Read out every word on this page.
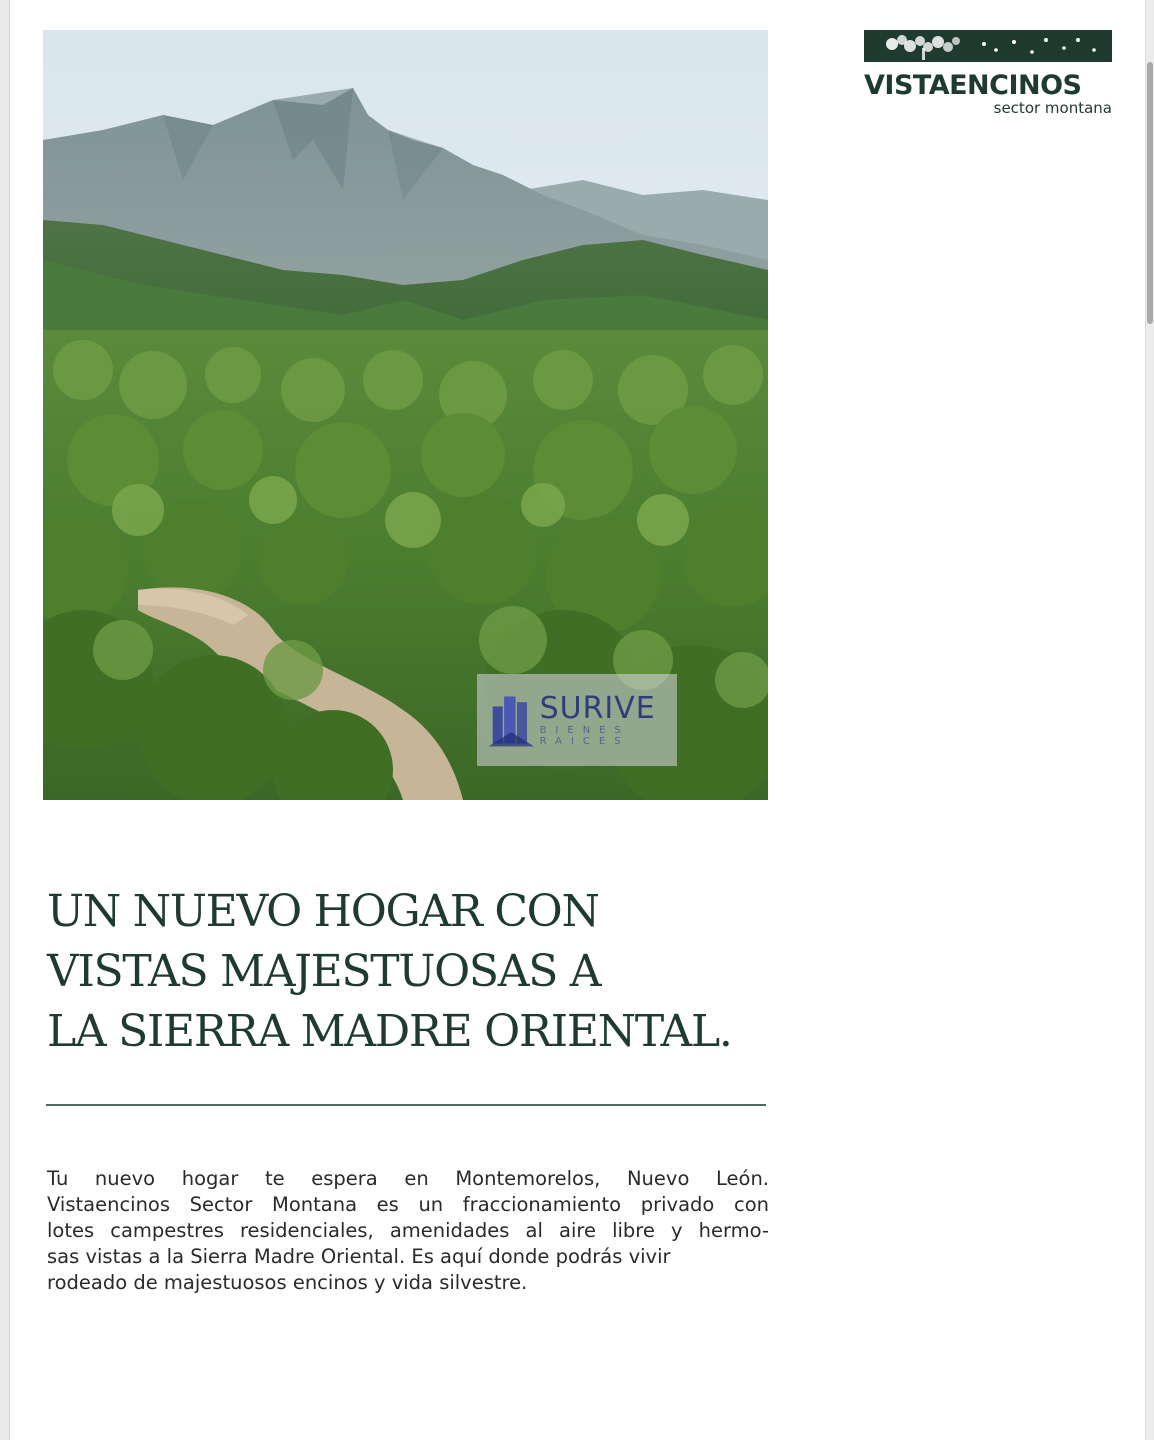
SURIVE
BIENES RAICES
VISTAENCINOS
sector montana
UN NUEVO HOGAR CON
VISTAS MAJESTUOSAS A
LA SIERRA MADRE ORIENTAL.

Tu nuevo hogar te espera en Montemorelos, Nuevo León.
Vistaencinos Sector Montana es un fraccionamiento privado con
lotes campestres residenciales, amenidades al aire libre y hermo-
sas vistas a la Sierra Madre Oriental. Es aquí donde podrás vivir
rodeado de majestuosos encinos y vida silvestre.
